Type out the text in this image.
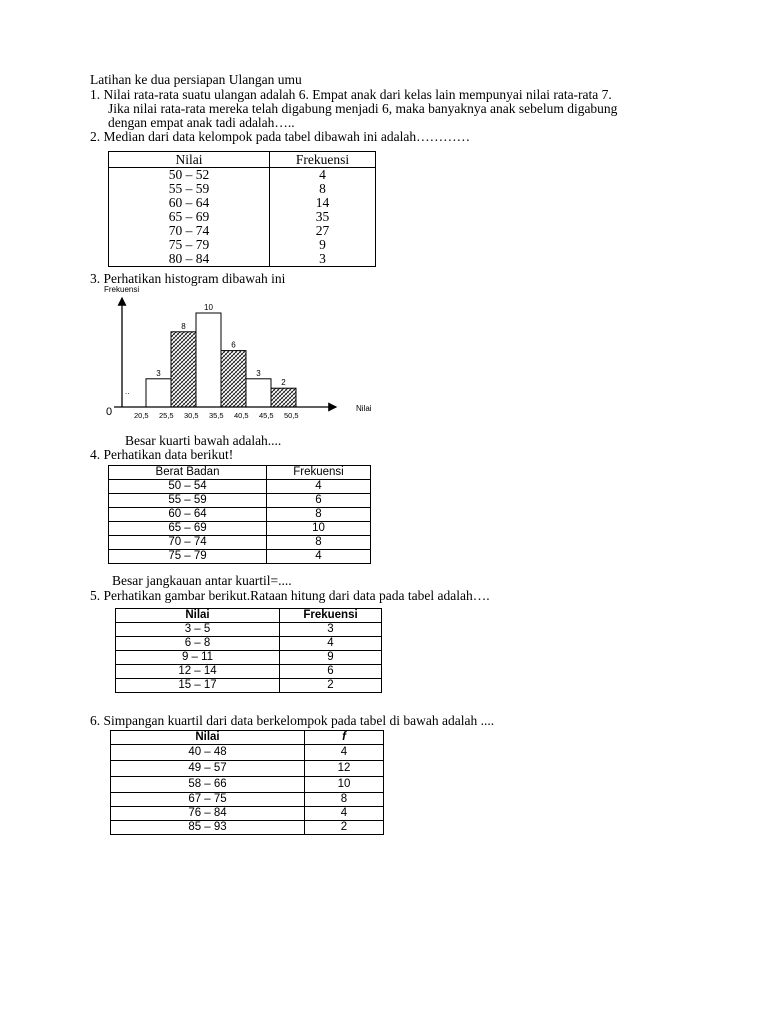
Latihan ke dua persiapan Ulangan umu
1. Nilai rata-rata suatu ulangan adalah 6. Empat anak dari kelas lain mempunyai nilai rata-rata 7.
Jika nilai rata-rata mereka telah digabung menjadi 6, maka banyaknya anak sebelum digabung
dengan empat anak tadi adalah…..
2. Median dari data kelompok pada tabel dibawah ini adalah…………
Nilai	Frekuensi
50 – 52	4
55 – 59	8
60 – 64	14
65 – 69	35
70 – 74	27
75 – 79	9
80 – 84	3
3. Perhatikan histogram dibawah ini
Frekuensi
Nilai
0
..
3
8
10
6
3
2
20,5 25,5 30,5 35,5 40,5 45,5 50,5
Besar kuarti bawah adalah....
4. Perhatikan data berikut!
Berat Badan	Frekuensi
50 – 54	4
55 – 59	6
60 – 64	8
65 – 69	10
70 – 74	8
75 – 79	4
Besar jangkauan antar kuartil=....
5. Perhatikan gambar berikut.Rataan hitung dari data pada tabel adalah….
Nilai	Frekuensi
3 – 5	3
6 – 8	4
9 – 11	9
12 – 14	6
15 – 17	2
6. Simpangan kuartil dari data berkelompok pada tabel di bawah adalah ....
Nilai	f
40 – 48	4
49 – 57	12
58 – 66	10
67 – 75	8
76 – 84	4
85 – 93	2
